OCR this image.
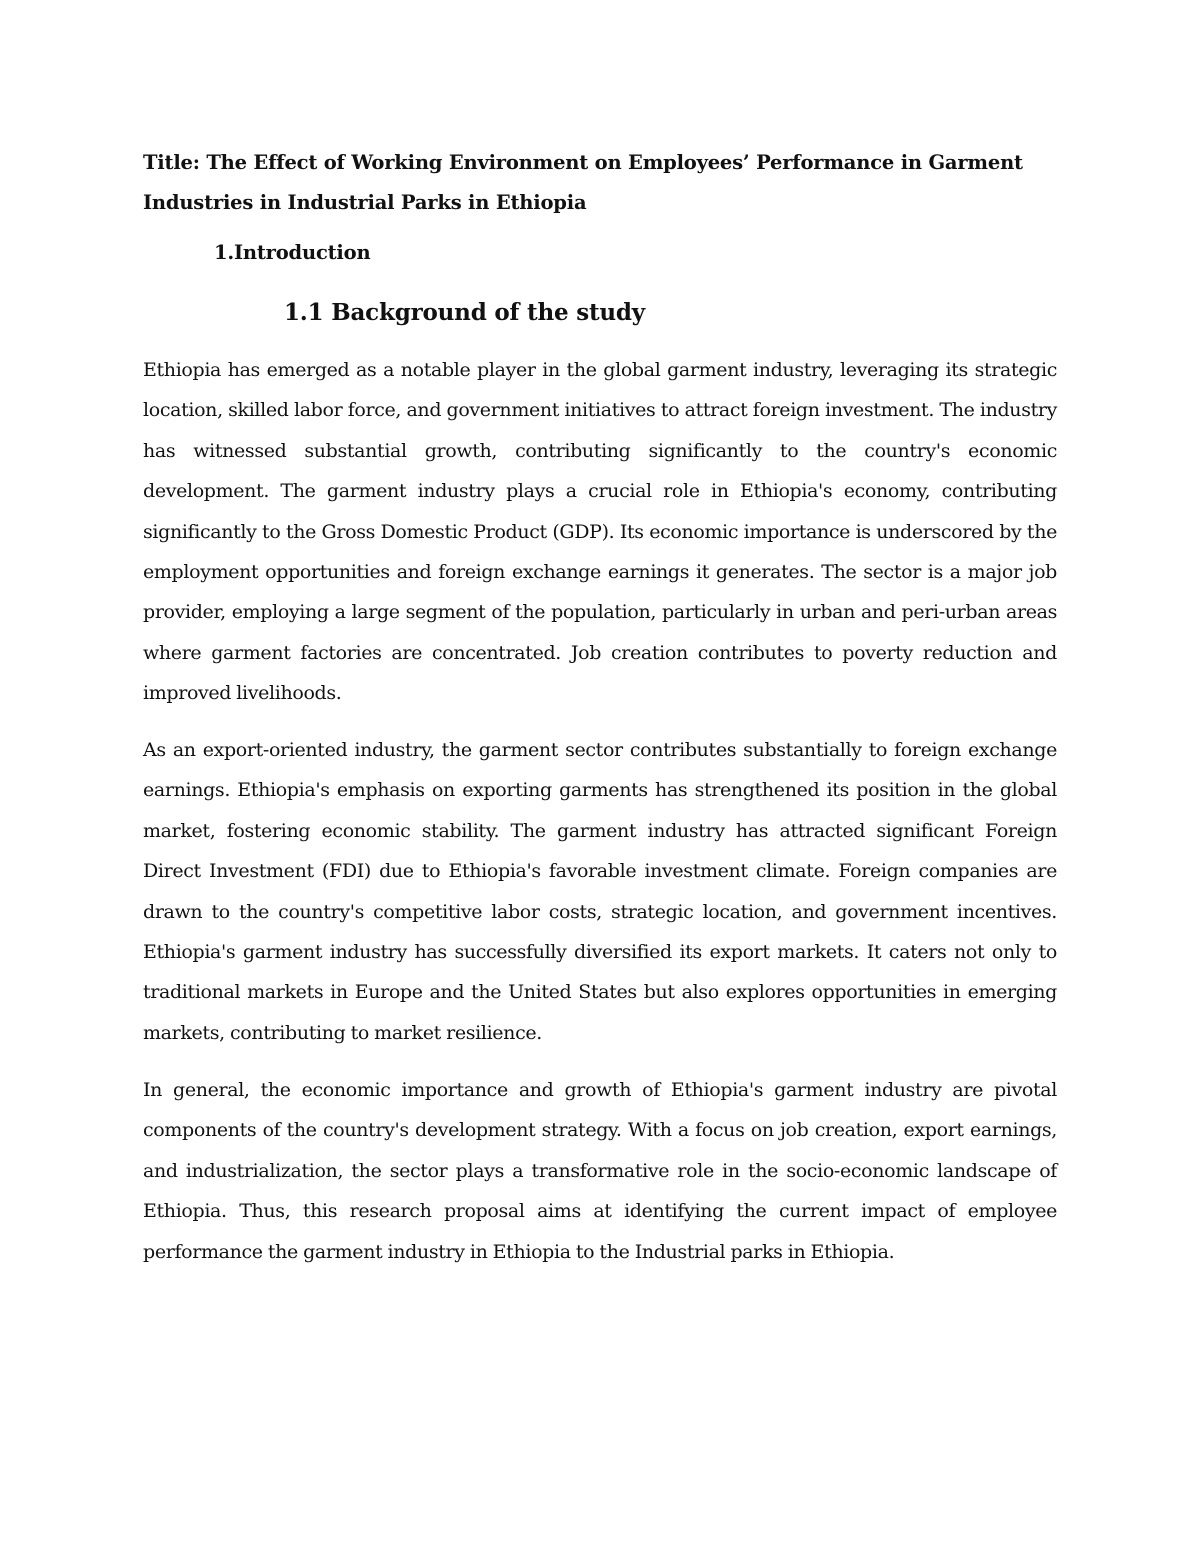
Title: The Effect of Working Environment on Employees’ Performance in Garment Industries in Industrial Parks in Ethiopia

1.Introduction

1.1 Background of the study

Ethiopia has emerged as a notable player in the global garment industry, leveraging its strategic location, skilled labor force, and government initiatives to attract foreign investment. The industry has witnessed substantial growth, contributing significantly to the country's economic development. The garment industry plays a crucial role in Ethiopia's economy, contributing significantly to the Gross Domestic Product (GDP). Its economic importance is underscored by the employment opportunities and foreign exchange earnings it generates. The sector is a major job provider, employing a large segment of the population, particularly in urban and peri-urban areas where garment factories are concentrated. Job creation contributes to poverty reduction and improved livelihoods.

As an export-oriented industry, the garment sector contributes substantially to foreign exchange earnings. Ethiopia's emphasis on exporting garments has strengthened its position in the global market, fostering economic stability. The garment industry has attracted significant Foreign Direct Investment (FDI) due to Ethiopia's favorable investment climate. Foreign companies are drawn to the country's competitive labor costs, strategic location, and government incentives. Ethiopia's garment industry has successfully diversified its export markets. It caters not only to traditional markets in Europe and the United States but also explores opportunities in emerging markets, contributing to market resilience.

In general, the economic importance and growth of Ethiopia's garment industry are pivotal components of the country's development strategy. With a focus on job creation, export earnings, and industrialization, the sector plays a transformative role in the socio-economic landscape of Ethiopia. Thus, this research proposal aims at identifying the current impact of employee performance the garment industry in Ethiopia to the Industrial parks in Ethiopia.
